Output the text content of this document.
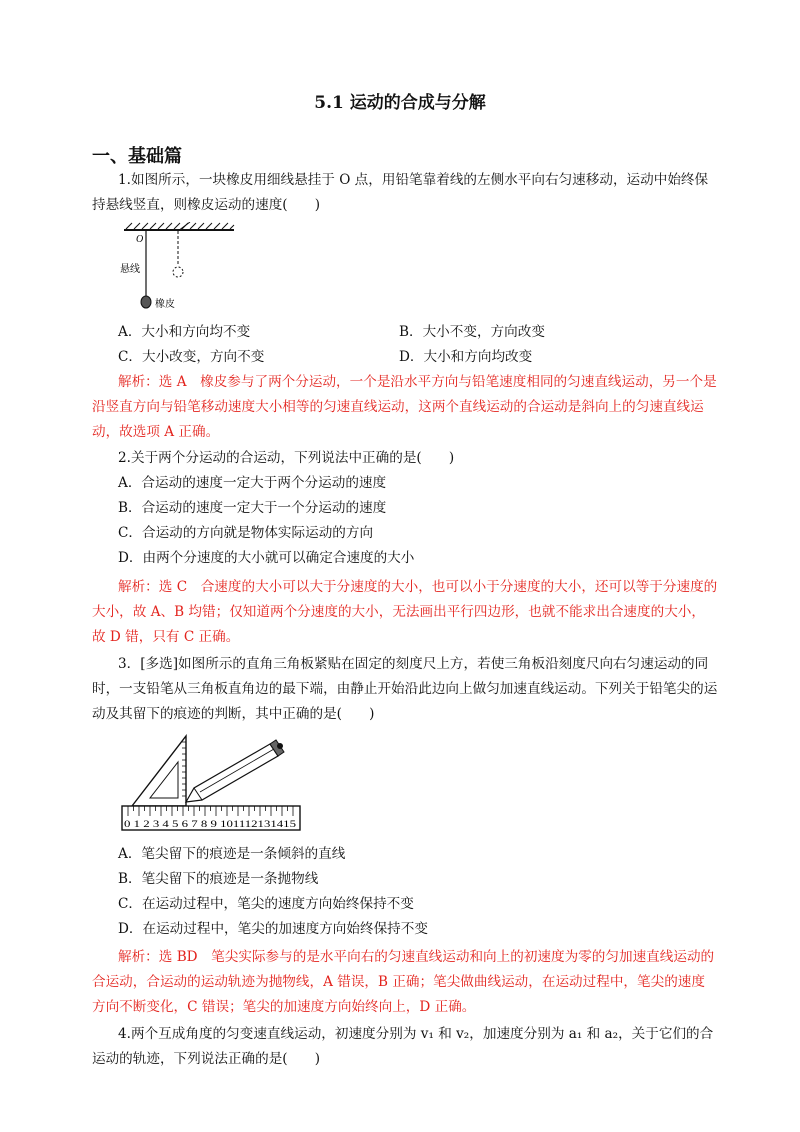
5.1 运动的合成与分解
一、基础篇

1.如图所示，一块橡皮用细线悬挂于 O 点，用铅笔靠着线的左侧水平向右匀速移动，运动中始终保持悬线竖直，则橡皮运动的速度(　　)

O
悬线
橡皮
A．大小和方向均不变	B．大小不变，方向改变
C．大小改变，方向不变	D．大小和方向均改变

解析：选 A　橡皮参与了两个分运动，一个是沿水平方向与铅笔速度相同的匀速直线运动，另一个是沿竖直方向与铅笔移动速度大小相等的匀速直线运动，这两个直线运动的合运动是斜向上的匀速直线运动，故选项 A 正确。

2.关于两个分运动的合运动，下列说法中正确的是(　　)

A．合运动的速度一定大于两个分运动的速度
B．合运动的速度一定大于一个分运动的速度
C．合运动的方向就是物体实际运动的方向
D．由两个分速度的大小就可以确定合速度的大小

解析：选 C　合速度的大小可以大于分速度的大小，也可以小于分速度的大小，还可以等于分速度的大小，故 A、B 均错；仅知道两个分速度的大小，无法画出平行四边形，也就不能求出合速度的大小，故 D 错，只有 C 正确。

3．[多选]如图所示的直角三角板紧贴在固定的刻度尺上方，若使三角板沿刻度尺向右匀速运动的同时，一支铅笔从三角板直角边的最下端，由静止开始沿此边向上做匀加速直线运动。下列关于铅笔尖的运动及其留下的痕迹的判断，其中正确的是(　　)

0 1 2 3 4 5 6 7 8 9 101112131415
A．笔尖留下的痕迹是一条倾斜的直线
B．笔尖留下的痕迹是一条抛物线
C．在运动过程中，笔尖的速度方向始终保持不变
D．在运动过程中，笔尖的加速度方向始终保持不变

解析：选 BD　笔尖实际参与的是水平向右的匀速直线运动和向上的初速度为零的匀加速直线运动的合运动，合运动的运动轨迹为抛物线，A 错误，B 正确；笔尖做曲线运动，在运动过程中，笔尖的速度方向不断变化，C 错误；笔尖的加速度方向始终向上，D 正确。

4.两个互成角度的匀变速直线运动，初速度分别为 v₁ 和 v₂，加速度分别为 a₁ 和 a₂，关于它们的合运动的轨迹，下列说法正确的是(　　)
